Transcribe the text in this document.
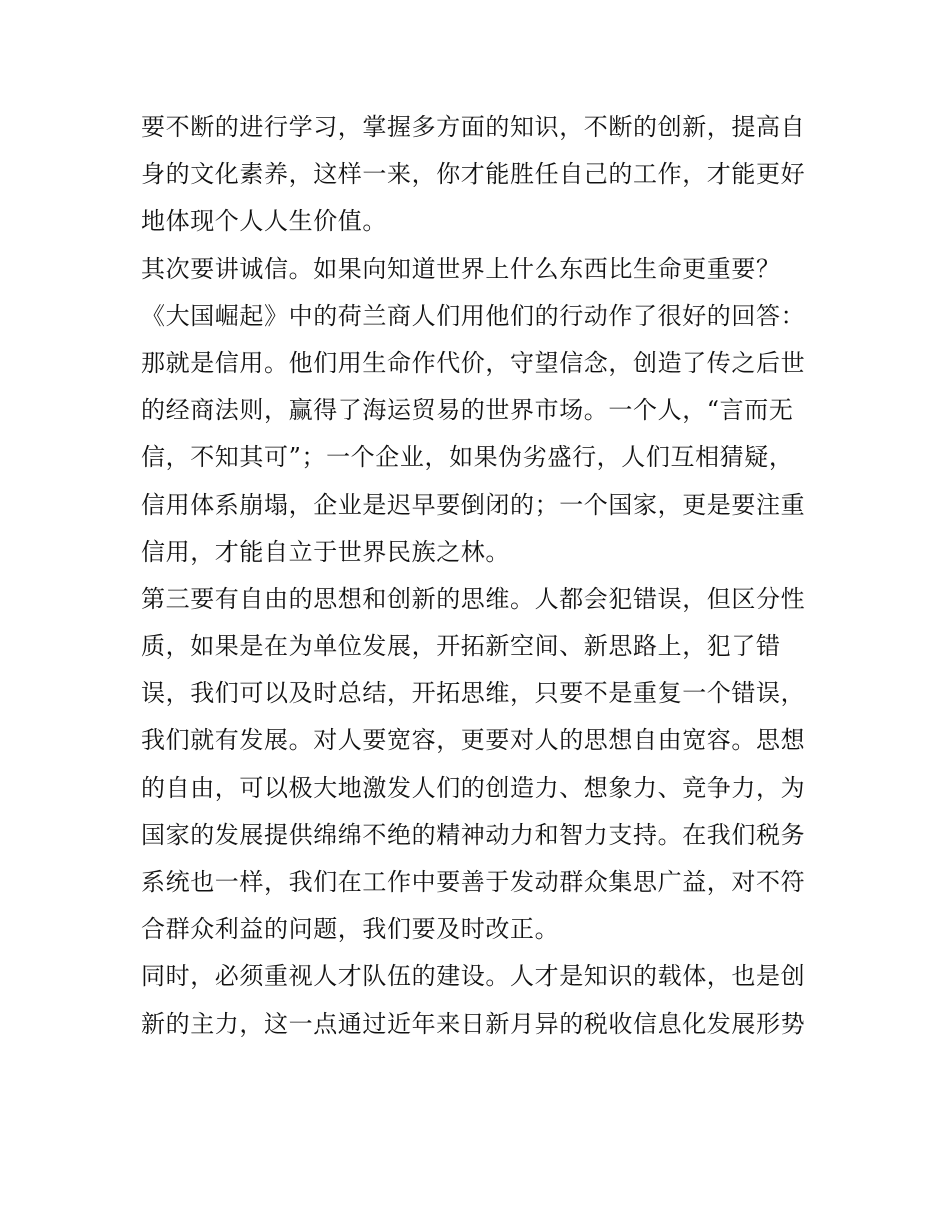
要不断的进行学习，掌握多方面的知识，不断的创新，提高自
身的文化素养，这样一来，你才能胜任自己的工作，才能更好
地体现个人人生价值。
其次要讲诚信。如果向知道世界上什么东西比生命更重要？
《大国崛起》中的荷兰商人们用他们的行动作了很好的回答：
那就是信用。他们用生命作代价，守望信念，创造了传之后世
的经商法则，赢得了海运贸易的世界市场。一个人，“言而无
信，不知其可”；一个企业，如果伪劣盛行，人们互相猜疑，
信用体系崩塌，企业是迟早要倒闭的；一个国家，更是要注重
信用，才能自立于世界民族之林。
第三要有自由的思想和创新的思维。人都会犯错误，但区分性
质，如果是在为单位发展，开拓新空间、新思路上，犯了错
误，我们可以及时总结，开拓思维，只要不是重复一个错误，
我们就有发展。对人要宽容，更要对人的思想自由宽容。思想
的自由，可以极大地激发人们的创造力、想象力、竞争力，为
国家的发展提供绵绵不绝的精神动力和智力支持。在我们税务
系统也一样，我们在工作中要善于发动群众集思广益，对不符
合群众利益的问题，我们要及时改正。
同时，必须重视人才队伍的建设。人才是知识的载体，也是创
新的主力，这一点通过近年来日新月异的税收信息化发展形势
